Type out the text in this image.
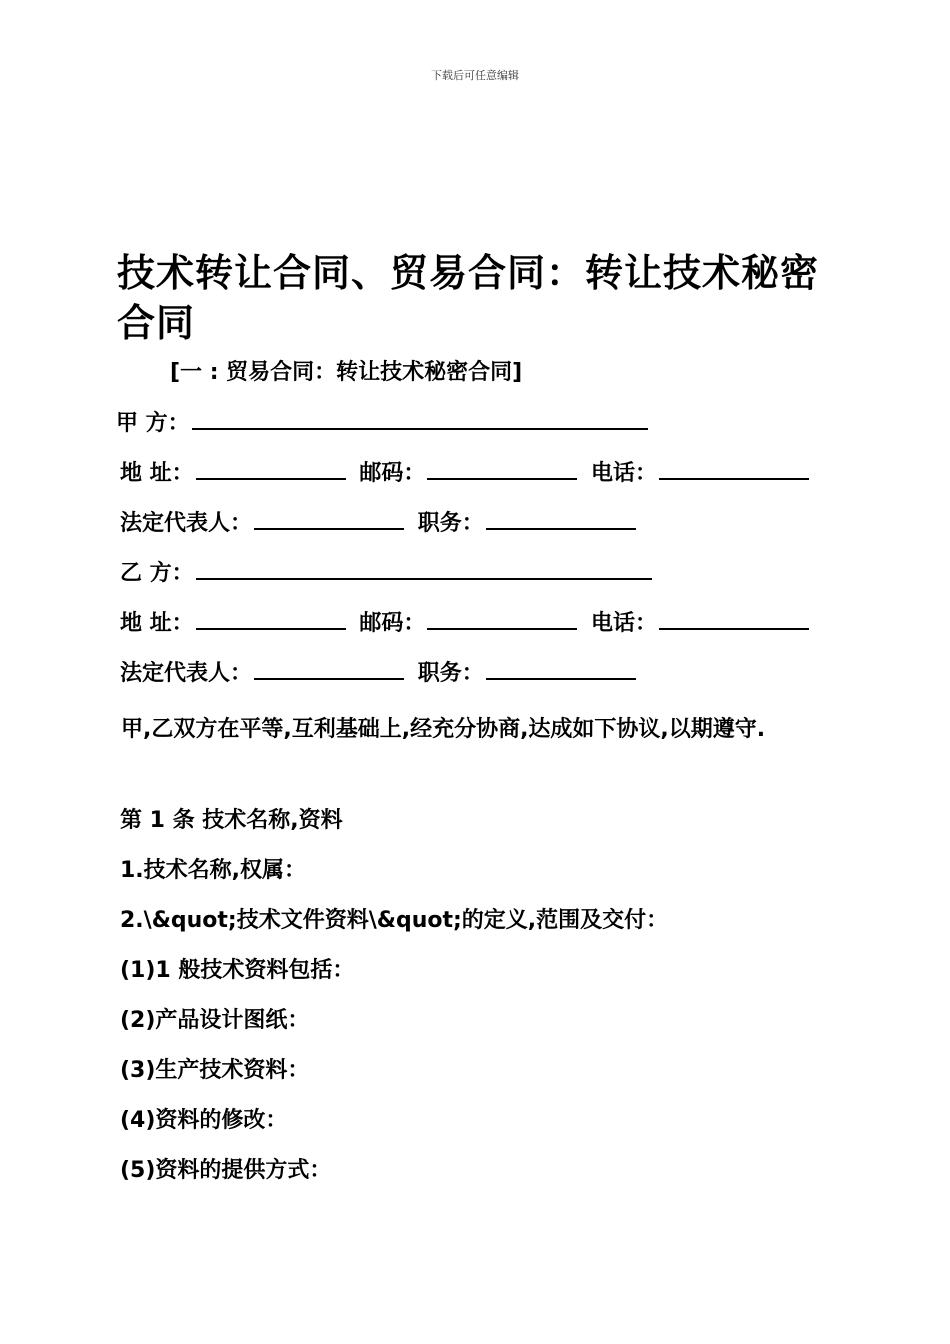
下载后可任意编辑
技术转让合同、贸易合同：转让技术秘密合同
[一 : 贸易合同：转让技术秘密合同]
甲 方：
地 址：	邮码：	电话：
法定代表人：	职务：
乙 方：
地 址：	邮码：	电话：
法定代表人：	职务：
甲,乙双方在平等,互利基础上,经充分协商,达成如下协议,以期遵守.
第 1 条 技术名称,资料
1.技术名称,权属：
2.\&quot;技术文件资料\&quot;的定义,范围及交付：
(1)1 般技术资料包括：
(2)产品设计图纸：
(3)生产技术资料：
(4)资料的修改：
(5)资料的提供方式：
